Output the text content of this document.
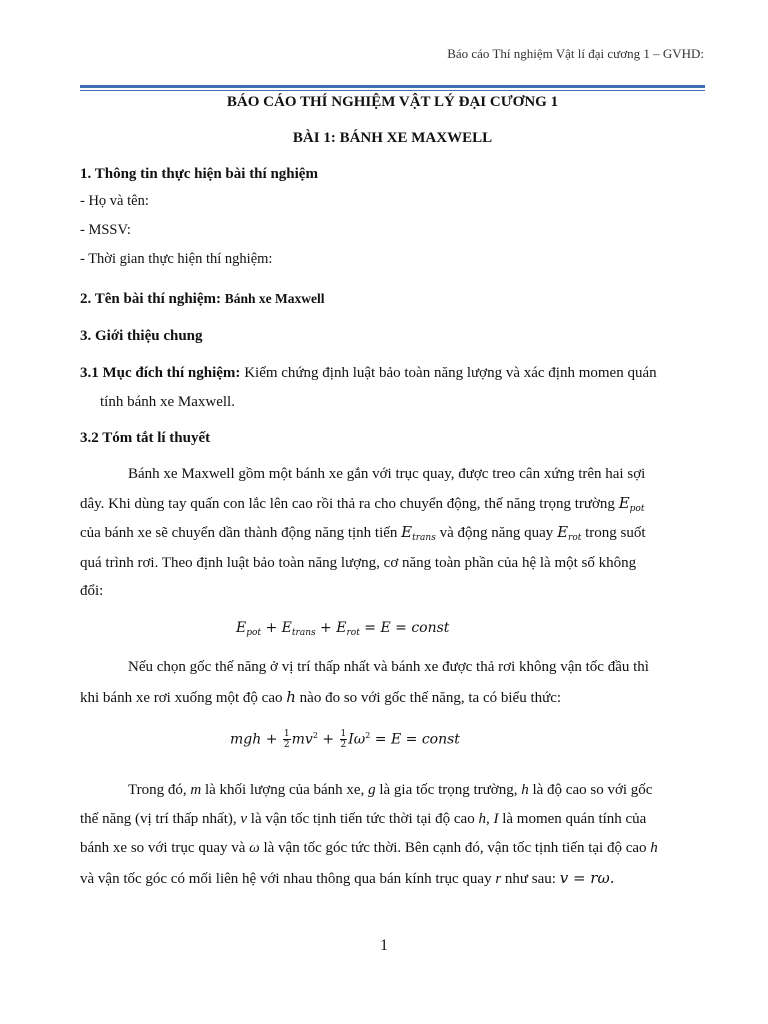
Báo cáo Thí nghiệm Vật lí đại cương 1 – GVHD:
BÁO CÁO THÍ NGHIỆM VẬT LÝ ĐẠI CƯƠNG 1
BÀI 1: BÁNH XE MAXWELL
1. Thông tin thực hiện bài thí nghiệm
- Họ và tên:
- MSSV:
- Thời gian thực hiện thí nghiệm:
2. Tên bài thí nghiệm: Bánh xe Maxwell
3. Giới thiệu chung
3.1 Mục đích thí nghiệm: Kiểm chứng định luật bảo toàn năng lượng và xác định momen quán
tính bánh xe Maxwell.
3.2 Tóm tắt lí thuyết
Bánh xe Maxwell gồm một bánh xe gắn với trục quay, được treo cân xứng trên hai sợi
dây. Khi dùng tay quấn con lắc lên cao rồi thả ra cho chuyển động, thế năng trọng trường $E_{pot}$
của bánh xe sẽ chuyển dần thành động năng tịnh tiến $E_{trans}$ và động năng quay $E_{rot}$ trong suốt
quá trình rơi. Theo định luật bảo toàn năng lượng, cơ năng toàn phần của hệ là một số không
đổi:
$E_{pot} + E_{trans} + E_{rot} = E$ = const
Nếu chọn gốc thế năng ở vị trí thấp nhất và bánh xe được thả rơi không vận tốc đầu thì
khi bánh xe rơi xuống một độ cao h nào đo so với gốc thế năng, ta có biểu thức:
mgh + $\frac{1}{2} mv^2 + \frac{1}{2} I\omega^2 = E$ = const
Trong đó, m là khối lượng của bánh xe, g là gia tốc trọng trường, h là độ cao so với gốc
thế năng (vị trí thấp nhất), v là vận tốc tịnh tiến tức thời tại độ cao h, I là momen quán tính của
bánh xe so với trục quay và ω là vận tốc góc tức thời. Bên cạnh đó, vận tốc tịnh tiến tại độ cao h
và vận tốc góc có mối liên hệ với nhau thông qua bán kính trục quay r như sau: v = rω.
1
